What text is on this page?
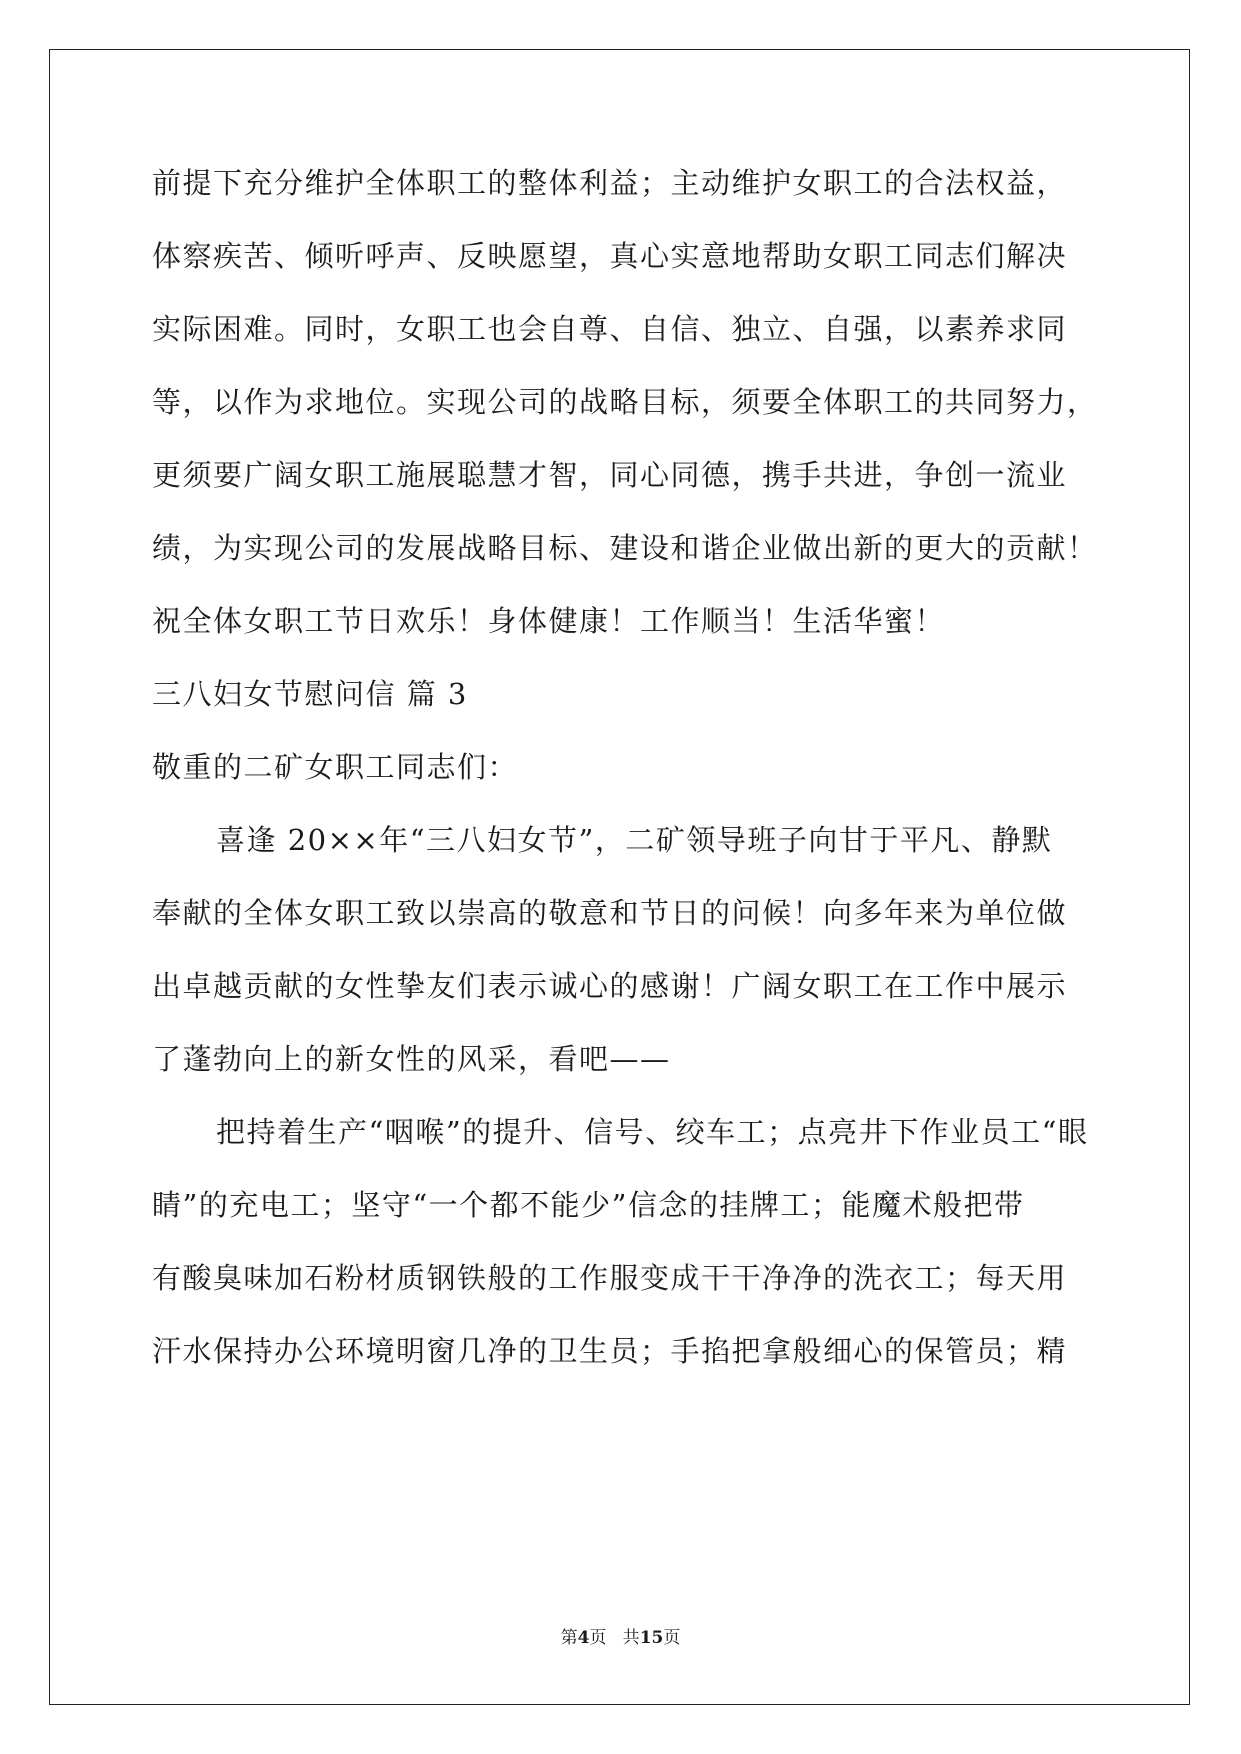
前提下充分维护全体职工的整体利益；主动维护女职工的合法权益，
体察疾苦、倾听呼声、反映愿望，真心实意地帮助女职工同志们解决
实际困难。同时，女职工也会自尊、自信、独立、自强，以素养求同
等，以作为求地位。实现公司的战略目标，须要全体职工的共同努力，
更须要广阔女职工施展聪慧才智，同心同德，携手共进，争创一流业
绩，为实现公司的发展战略目标、建设和谐企业做出新的更大的贡献！
祝全体女职工节日欢乐！身体健康！工作顺当！生活华蜜！
三八妇女节慰问信 篇 3
敬重的二矿女职工同志们：
喜逢 20××年“三八妇女节”，二矿领导班子向甘于平凡、静默
奉献的全体女职工致以崇高的敬意和节日的问候！向多年来为单位做
出卓越贡献的女性挚友们表示诚心的感谢！广阔女职工在工作中展示
了蓬勃向上的新女性的风采，看吧——
把持着生产“咽喉”的提升、信号、绞车工；点亮井下作业员工“眼
睛”的充电工；坚守“一个都不能少”信念的挂牌工；能魔术般把带
有酸臭味加石粉材质钢铁般的工作服变成干干净净的洗衣工；每天用
汗水保持办公环境明窗几净的卫生员；手掐把拿般细心的保管员；精
第4页   共15页
